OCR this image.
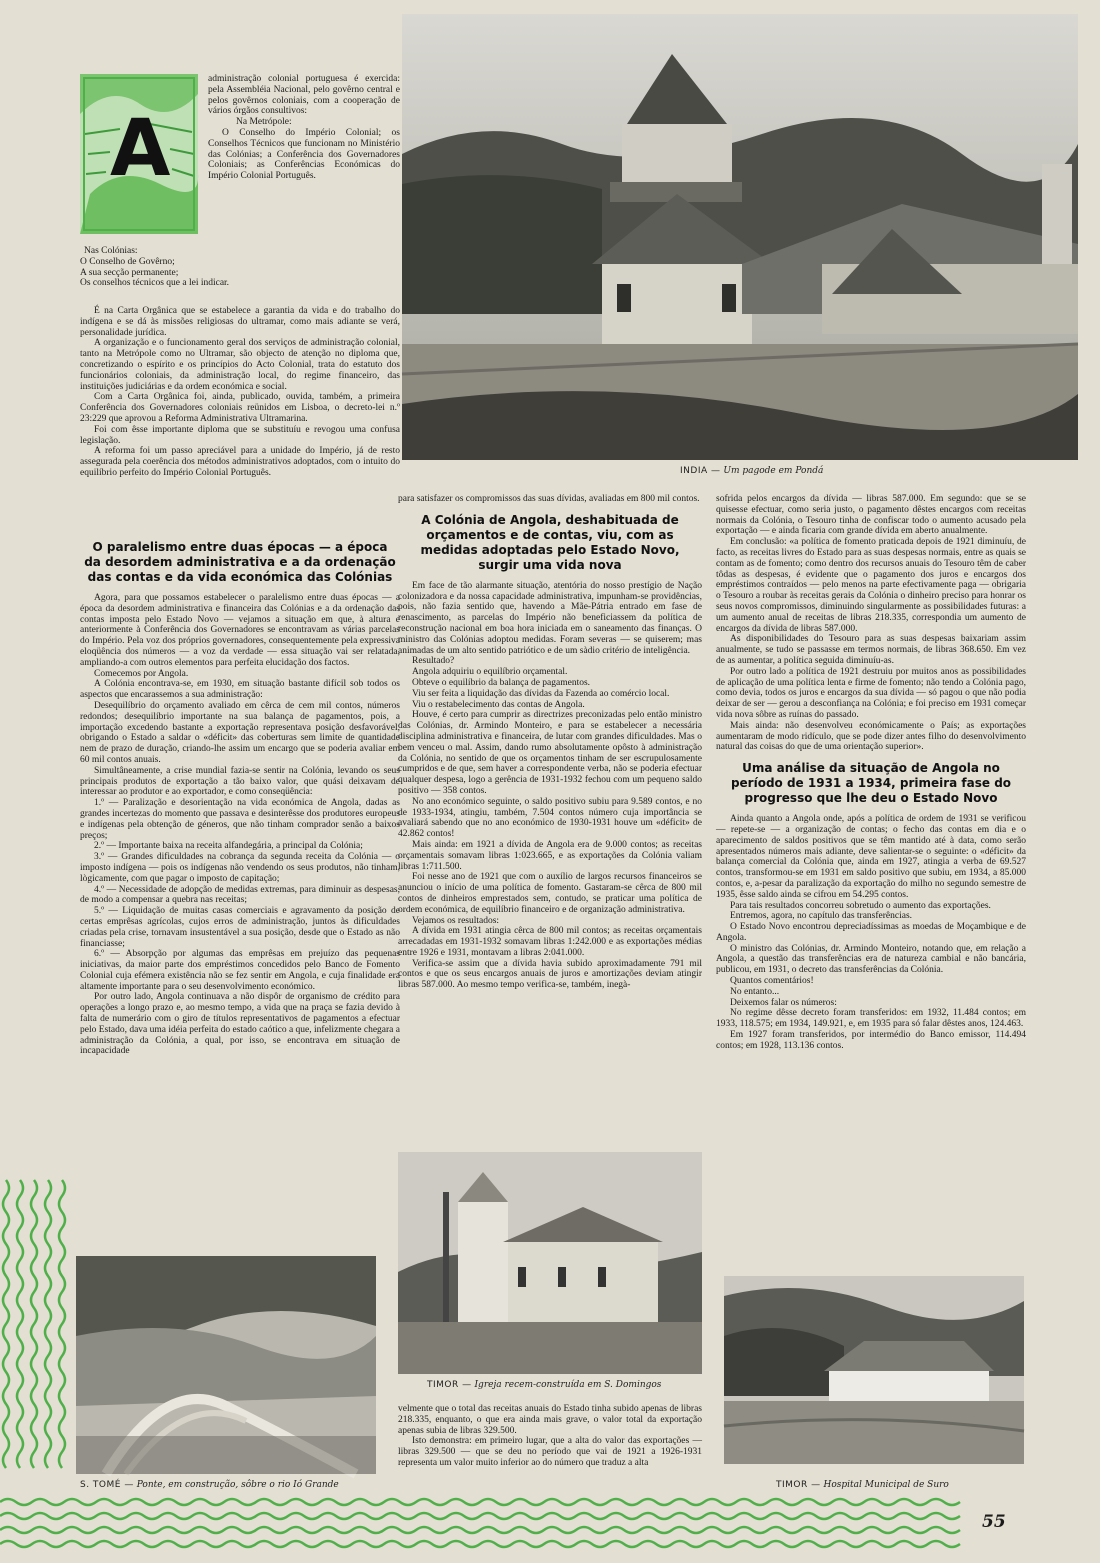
A

administração colonial portuguesa é exercida: pela Assembléia Nacional, pelo govêrno central e pelos govêrnos coloniais, com a cooperação de vários órgãos consultivos:

Na Metrópole:

O Conselho do Império Colonial; os Conselhos Técnicos que funcionam no Ministério das Colónias; a Conferência dos Governadores Coloniais; as Conferências Económicas do Império Colonial Português.

Nas Colónias:

O Conselho de Govêrno;

A sua secção permanente;

Os conselhos técnicos que a lei indicar.

É na Carta Orgânica que se estabelece a garantia da vida e do trabalho do indígena e se dá às missões religiosas do ultramar, como mais adiante se verá, personalidade jurídica.

A organização e o funcionamento geral dos serviços de administração colonial, tanto na Metrópole como no Ultramar, são objecto de atenção no diploma que, concretizando o espírito e os princípios do Acto Colonial, trata do estatuto dos funcionários coloniais, da administração local, do regime financeiro, das instituições judiciárias e da ordem económica e social.

Com a Carta Orgânica foi, ainda, publicado, ouvida, também, a primeira Conferência dos Governadores coloniais reünidos em Lisboa, o decreto-lei n.º 23:229 que aprovou a Reforma Administrativa Ultramarina.

Foi com êsse importante diploma que se substituíu e revogou uma confusa legislação.

A reforma foi um passo apreciável para a unidade do Império, já de resto assegurada pela coerência dos métodos administrativos adoptados, com o intuito do equilíbrio perfeito do Império Colonial Português.

O paralelismo entre duas épocas — a época da desordem administrativa e a da ordenação das contas e da vida económica das Colónias

Agora, para que possamos estabelecer o paralelismo entre duas épocas — a época da desordem administrativa e financeira das Colónias e a da ordenação das contas imposta pelo Estado Novo — vejamos a situação em que, à altura e anteriormente à Conferência dos Governadores se encontravam as várias parcelas do Império. Pela voz dos próprios governadores, consequentemente pela expressiva eloqüência dos números — a voz da verdade — essa situação vai ser relatada, ampliando-a com outros elementos para perfeita elucidação dos factos.

Comecemos por Angola.

A Colónia encontrava-se, em 1930, em situação bastante difícil sob todos os aspectos que encarassemos a sua administração:

Desequilíbrio do orçamento avaliado em cêrca de cem mil contos, números redondos; desequilíbrio importante na sua balança de pagamentos, pois, a importação excedendo bastante a exportação representava posição desfavorável, obrigando o Estado a saldar o «déficit» das coberturas sem limite de quantidade nem de prazo de duração, criando-lhe assim um encargo que se poderia avaliar em 60 mil contos anuais.

Simultâneamente, a crise mundial fazia-se sentir na Colónia, levando os seus principais produtos de exportação a tão baixo valor, que quási deixavam de interessar ao produtor e ao exportador, e como conseqüência:

1.º — Paralização e desorientação na vida económica de Angola, dadas as grandes incertezas do momento que passava e desinterêsse dos produtores europeus e indígenas pela obtenção de géneros, que não tinham comprador senão a baixos preços;

2.º — Importante baixa na receita alfandegária, a principal da Colónia;

3.º — Grandes dificuldades na cobrança da segunda receita da Colónia — o imposto indígena — pois os indígenas não vendendo os seus produtos, não tinham, lògicamente, com que pagar o imposto de capitação;

4.º — Necessidade de adopção de medidas extremas, para diminuir as despesas, de modo a compensar a quebra nas receitas;

5.º — Liquidação de muitas casas comerciais e agravamento da posição de certas emprêsas agrícolas, cujos erros de administração, juntos às dificuldades criadas pela crise, tornavam insustentável a sua posição, desde que o Estado as não financiasse;

6.º — Absorpção por algumas das emprêsas em prejuízo das pequenas iniciativas, da maior parte dos empréstimos concedidos pelo Banco de Fomento Colonial cuja efémera existência não se fez sentir em Angola, e cuja finalidade era altamente importante para o seu desenvolvimento económico.

Por outro lado, Angola continuava a não dispôr de organismo de crédito para operações a longo prazo e, ao mesmo tempo, a vida que na praça se fazia devido à falta de numerário com o giro de títulos representativos de pagamentos a efectuar pelo Estado, dava uma idéia perfeita do estado caótico a que, infelizmente chegara a administração da Colónia, a qual, por isso, se encontrava em situação de incapacidade

INDIA — Um pagode em Pondá

para satisfazer os compromissos das suas dívidas, avaliadas em 800 mil contos.

A Colónia de Angola, deshabituada de orçamentos e de contas, viu, com as medidas adoptadas pelo Estado Novo, surgir uma vida nova

Em face de tão alarmante situação, atentória do nosso prestígio de Nação colonizadora e da nossa capacidade administrativa, impunham-se providências, pois, não fazia sentido que, havendo a Mãe-Pátria entrado em fase de renascimento, as parcelas do Império não beneficiassem da política de reconstrução nacional em boa hora iniciada em o saneamento das finanças. O ministro das Colónias adoptou medidas. Foram severas — se quiserem; mas animadas de um alto sentido patriótico e de um sàdio critério de inteligência.

Resultado?

Angola adquiriu o equilíbrio orçamental.

Obteve o equilíbrio da balança de pagamentos.

Viu ser feita a liquidação das dívidas da Fazenda ao comércio local.

Viu o restabelecimento das contas de Angola.

Houve, é certo para cumprir as directrizes preconizadas pelo então ministro das Colónias, dr. Armindo Monteiro, e para se estabelecer a necessária disciplina administrativa e financeira, de lutar com grandes dificuldades. Mas o bem venceu o mal. Assim, dando rumo absolutamente opôsto à administração da Colónia, no sentido de que os orçamentos tinham de ser escrupulosamente cumpridos e de que, sem haver a correspondente verba, não se poderia efectuar qualquer despesa, logo a gerência de 1931-1932 fechou com um pequeno saldo positivo — 358 contos.

No ano económico seguinte, o saldo positivo subiu para 9.589 contos, e no de 1933-1934, atingiu, também, 7.504 contos número cuja importância se avaliará sabendo que no ano económico de 1930-1931 houve um «déficit» de 42.862 contos!

Mais ainda: em 1921 a dívida de Angola era de 9.000 contos; as receitas orçamentais somavam libras 1:023.665, e as exportações da Colónia valiam libras 1:711.500.

Foi nesse ano de 1921 que com o auxílio de largos recursos financeiros se anunciou o início de uma política de fomento. Gastaram-se cêrca de 800 mil contos de dinheiros emprestados sem, contudo, se praticar uma política de ordem económica, de equilíbrio financeiro e de organização administrativa.

Vejamos os resultados:

A dívida em 1931 atingia cêrca de 800 mil contos; as receitas orçamentais arrecadadas em 1931-1932 somavam libras 1:242.000 e as exportações médias entre 1926 e 1931, montavam a libras 2:041.000.

Verifica-se assim que a dívida havia subido aproximadamente 791 mil contos e que os seus encargos anuais de juros e amortizações deviam atingir libras 587.000. Ao mesmo tempo verifica-se, também, inegà-

sofrida pelos encargos da dívida — libras 587.000. Em segundo: que se se quisesse efectuar, como seria justo, o pagamento dêstes encargos com receitas normais da Colónia, o Tesouro tinha de confiscar todo o aumento acusado pela exportação — e ainda ficaria com grande dívida em aberto anualmente.

Em conclusão: «a política de fomento praticada depois de 1921 diminuíu, de facto, as receitas livres do Estado para as suas despesas normais, entre as quais se contam as de fomento; como dentro dos recursos anuais do Tesouro têm de caber tôdas as despesas, é evidente que o pagamento dos juros e encargos dos empréstimos contraídos — pelo menos na parte efectivamente paga — obrigaria o Tesouro a roubar às receitas gerais da Colónia o dinheiro preciso para honrar os seus novos compromissos, diminuindo singularmente as possibilidades futuras: a um aumento anual de receitas de libras 218.335, correspondia um aumento de encargos da dívida de libras 587.000.

As disponibilidades do Tesouro para as suas despesas baixariam assim anualmente, se tudo se passasse em termos normais, de libras 368.650. Em vez de as aumentar, a política seguida diminuíu-as.

Por outro lado a política de 1921 destruiu por muitos anos as possibilidades de aplicação de uma política lenta e firme de fomento; não tendo a Colónia pago, como devia, todos os juros e encargos da sua dívida — só pagou o que não podia deixar de ser — gerou a desconfiança na Colónia; e foi preciso em 1931 começar vida nova sôbre as ruínas do passado.

Mais ainda: não desenvolveu económicamente o País; as exportações aumentaram de modo ridículo, que se pode dizer antes filho do desenvolvimento natural das coisas do que de uma orientação superior».

Uma análise da situação de Angola no período de 1931 a 1934, primeira fase do progresso que lhe deu o Estado Novo

Ainda quanto a Angola onde, após a política de ordem de 1931 se verificou — repete-se — a organização de contas; o fecho das contas em dia e o aparecimento de saldos positivos que se têm mantido até à data, como serão apresentados números mais adiante, deve salientar-se o seguinte: o «déficit» da balança comercial da Colónia que, ainda em 1927, atingia a verba de 69.527 contos, transformou-se em 1931 em saldo positivo que subiu, em 1934, a 85.000 contos, e, a-pesar da paralização da exportação do milho no segundo semestre de 1935, êsse saldo ainda se cifrou em 54.295 contos.

Para tais resultados concorreu sobretudo o aumento das exportações.

Entremos, agora, no capítulo das transferências.

O Estado Novo encontrou depreciadíssimas as moedas de Moçambique e de Angola.

O ministro das Colónias, dr. Armindo Monteiro, notando que, em relação a Angola, a questão das transferências era de natureza cambial e não bancária, publicou, em 1931, o decreto das transferências da Colónia.

Quantos comentários!

No entanto...

Deixemos falar os números:

No regime dêsse decreto foram transferidos: em 1932, 11.484 contos; em 1933, 118.575; em 1934, 149.921, e, em 1935 para só falar dêstes anos, 124.463.

Em 1927 foram transferidos, por intermédio do Banco emissor, 114.494 contos; em 1928, 113.136 contos.

TIMOR — Igreja recem-construída em S. Domingos

velmente que o total das receitas anuais do Estado tinha subido apenas de libras 218.335, enquanto, o que era ainda mais grave, o valor total da exportação apenas subia de libras 329.500.

Isto demonstra: em primeiro lugar, que a alta do valor das exportações — libras 329.500 — que se deu no período que vai de 1921 a 1926-1931 representa um valor muito inferior ao do número que traduz a alta

S. TOMÉ — Ponte, em construção, sôbre o rio Ió Grande	TIMOR — Hospital Municipal de Suro
55
